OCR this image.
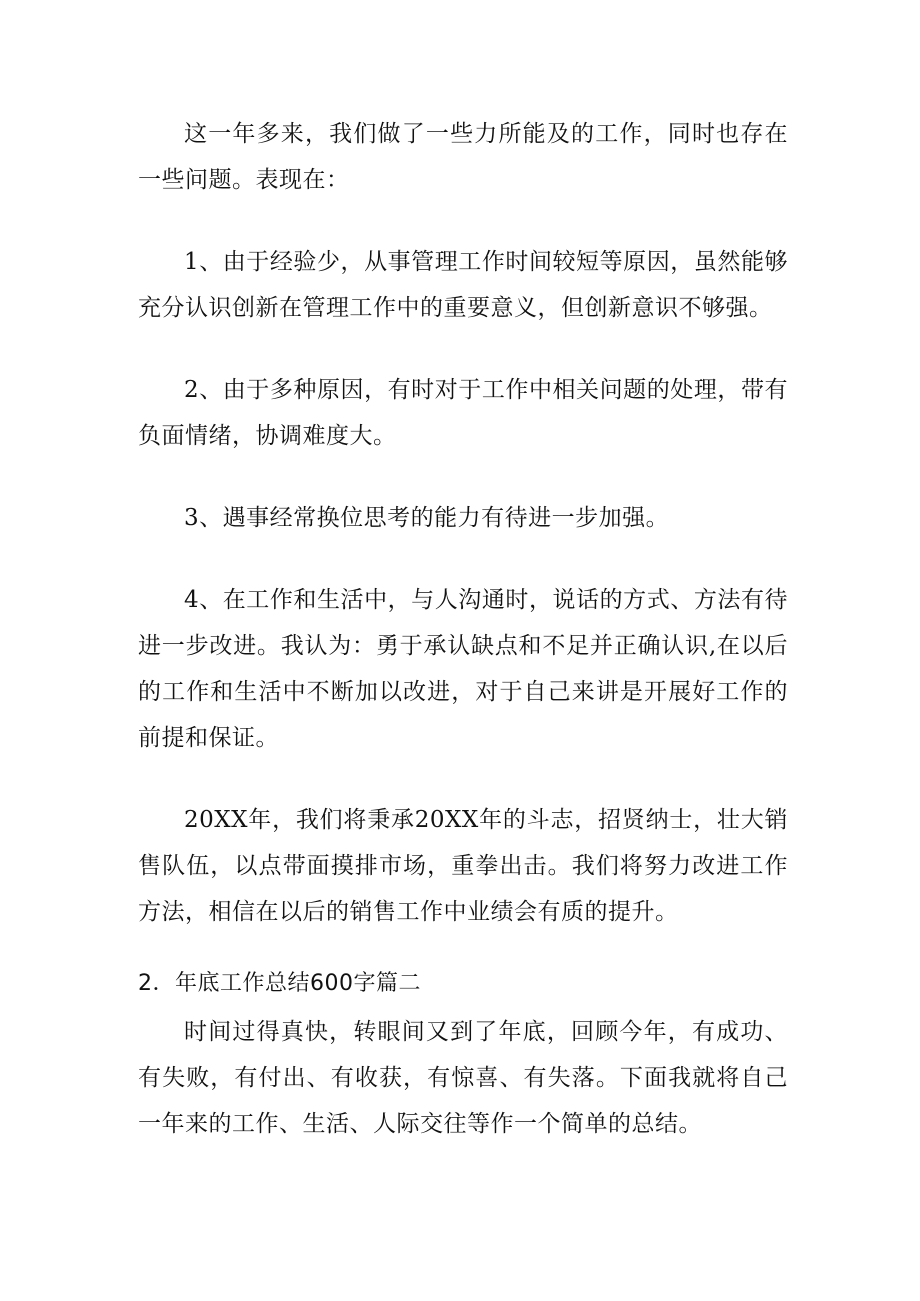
这一年多来，我们做了一些力所能及的工作，同时也存在一些问题。表现在：

1、由于经验少，从事管理工作时间较短等原因，虽然能够充分认识创新在管理工作中的重要意义，但创新意识不够强。

2、由于多种原因，有时对于工作中相关问题的处理，带有负面情绪，协调难度大。

3、遇事经常换位思考的能力有待进一步加强。

4、在工作和生活中，与人沟通时，说话的方式、方法有待进一步改进。我认为：勇于承认缺点和不足并正确认识,在以后的工作和生活中不断加以改进，对于自己来讲是开展好工作的前提和保证。

20XX年，我们将秉承20XX年的斗志，招贤纳士，壮大销售队伍，以点带面摸排市场，重拳出击。我们将努力改进工作方法，相信在以后的销售工作中业绩会有质的提升。

2．年底工作总结600字篇二

时间过得真快，转眼间又到了年底，回顾今年，有成功、有失败，有付出、有收获，有惊喜、有失落。下面我就将自己一年来的工作、生活、人际交往等作一个简单的总结。
